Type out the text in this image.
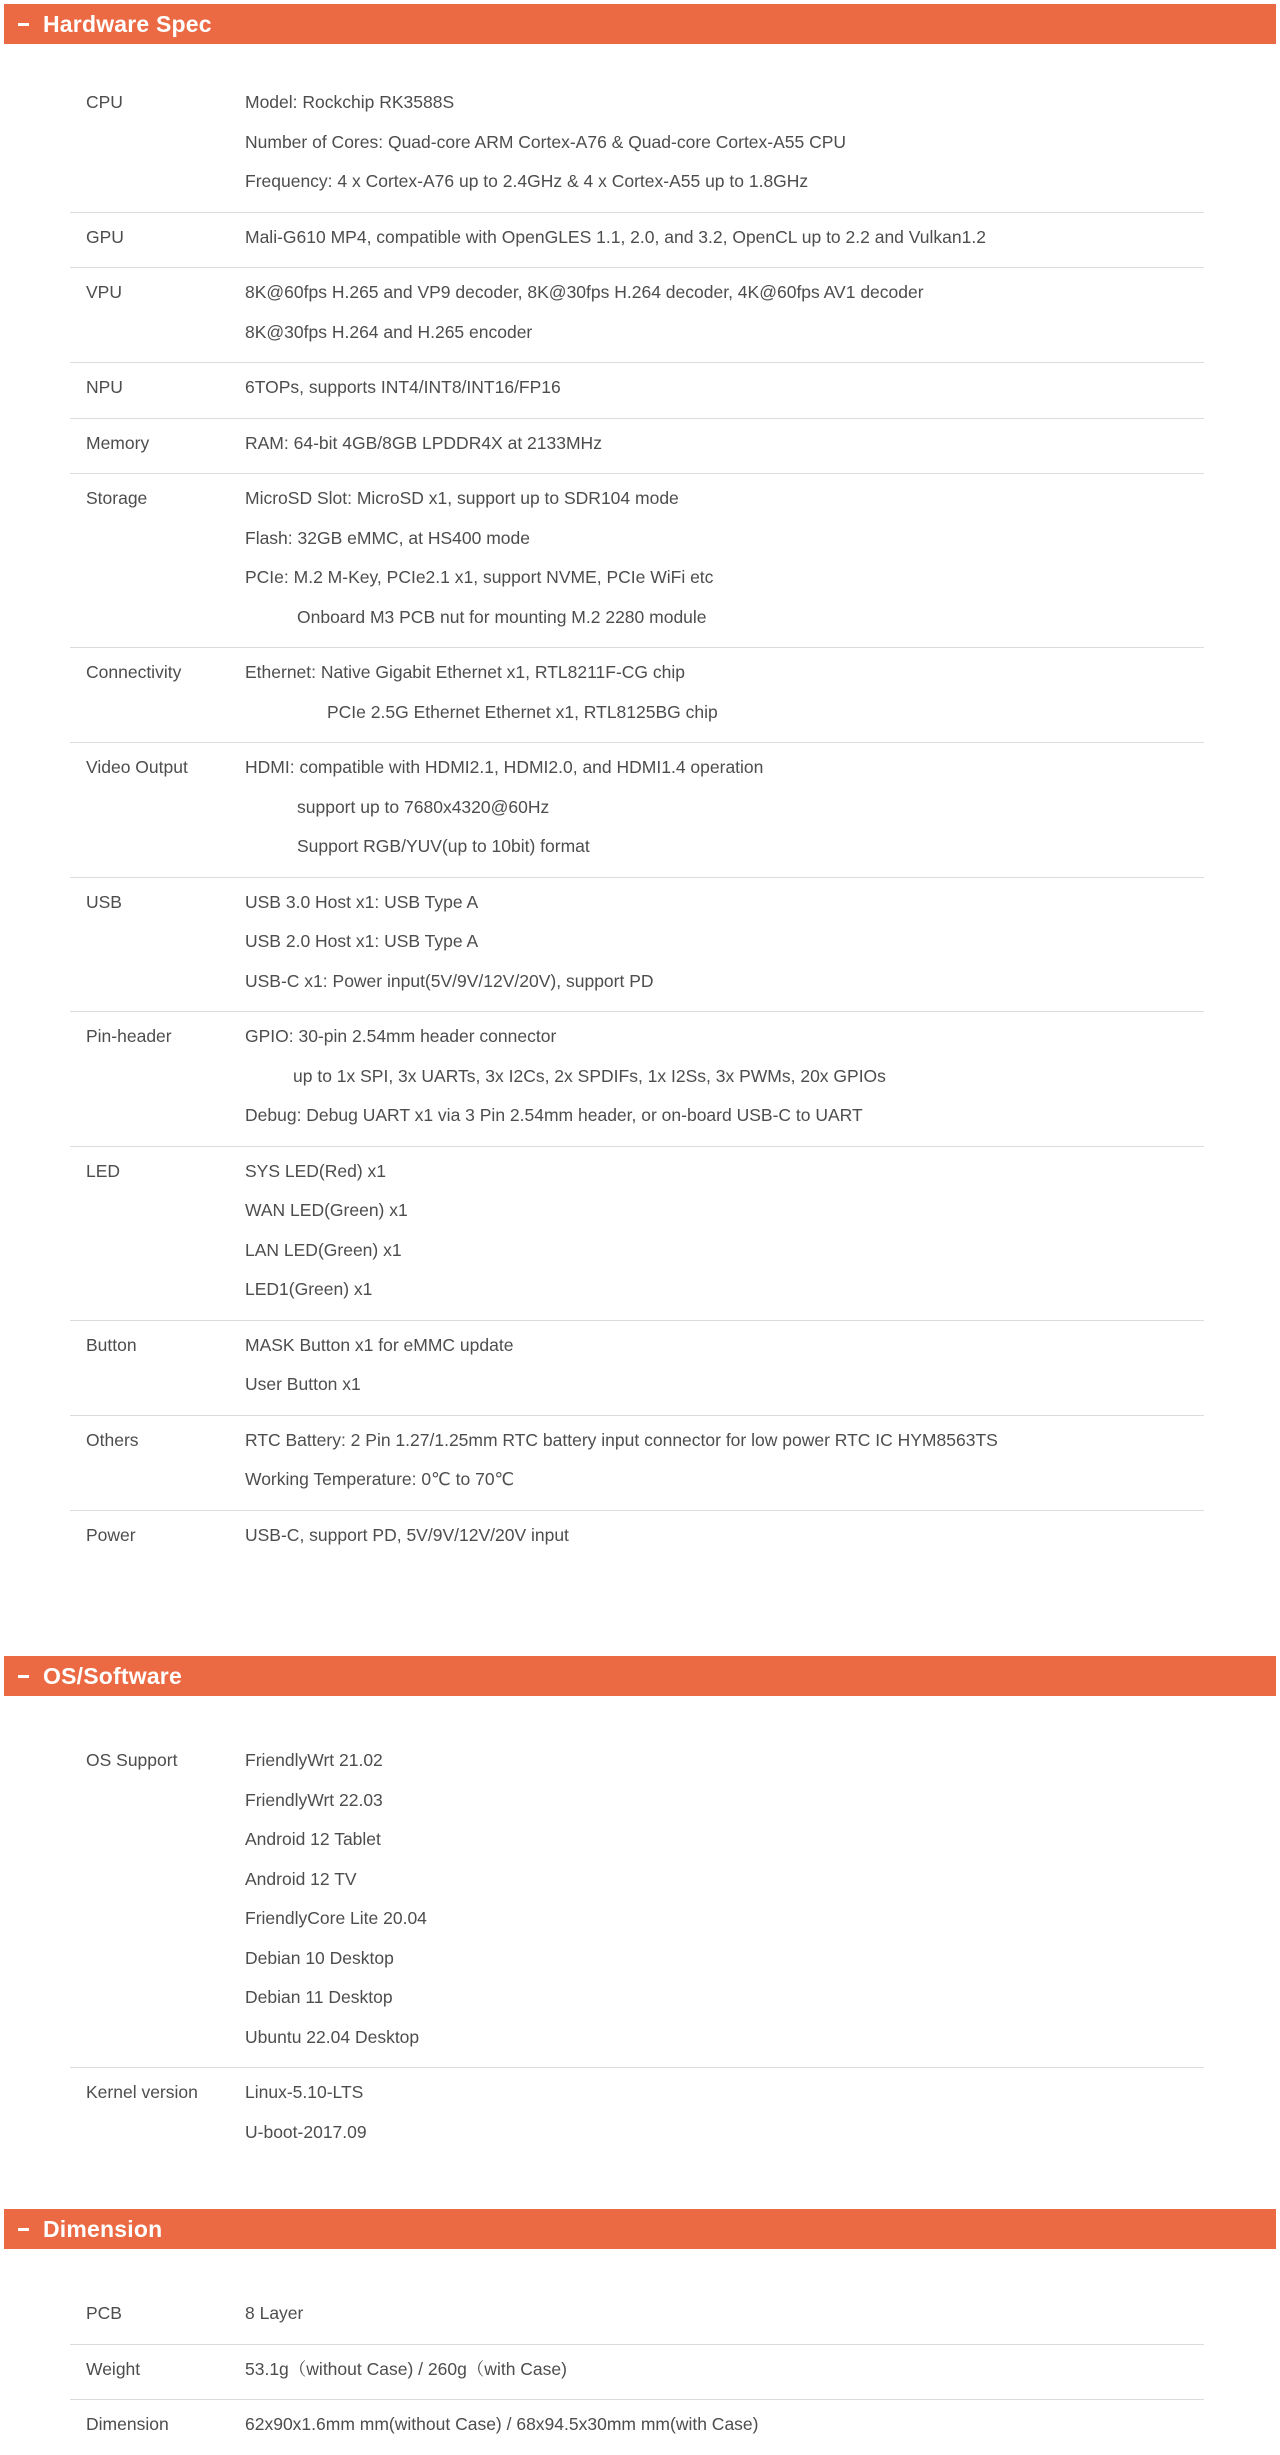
Hardware Spec
CPU	Model: Rockchip RK3588S
Number of Cores: Quad-core ARM Cortex-A76 & Quad-core Cortex-A55 CPU
Frequency: 4 x Cortex-A76 up to 2.4GHz & 4 x Cortex-A55 up to 1.8GHz
GPU	Mali-G610 MP4, compatible with OpenGLES 1.1, 2.0, and 3.2, OpenCL up to 2.2 and Vulkan1.2
VPU	8K@60fps H.265 and VP9 decoder, 8K@30fps H.264 decoder, 4K@60fps AV1 decoder
8K@30fps H.264 and H.265 encoder
NPU	6TOPs, supports INT4/INT8/INT16/FP16
Memory	RAM: 64-bit 4GB/8GB LPDDR4X at 2133MHz
Storage	MicroSD Slot: MicroSD x1, support up to SDR104 mode
Flash: 32GB eMMC, at HS400 mode
PCIe: M.2 M-Key, PCIe2.1 x1, support NVME, PCIe WiFi etc
Onboard M3 PCB nut for mounting M.2 2280 module
Connectivity	Ethernet: Native Gigabit Ethernet x1, RTL8211F-CG chip
PCIe 2.5G Ethernet Ethernet x1, RTL8125BG chip
Video Output	HDMI: compatible with HDMI2.1, HDMI2.0, and HDMI1.4 operation
support up to 7680x4320@60Hz
Support RGB/YUV(up to 10bit) format
USB	USB 3.0 Host x1: USB Type A
USB 2.0 Host x1: USB Type A
USB-C x1: Power input(5V/9V/12V/20V), support PD
Pin-header	GPIO: 30-pin 2.54mm header connector
up to 1x SPI, 3x UARTs, 3x I2Cs, 2x SPDIFs, 1x I2Ss, 3x PWMs, 20x GPIOs
Debug: Debug UART x1 via 3 Pin 2.54mm header, or on-board USB-C to UART
LED	SYS LED(Red) x1
WAN LED(Green) x1
LAN LED(Green) x1
LED1(Green) x1
Button	MASK Button x1 for eMMC update
User Button x1
Others	RTC Battery: 2 Pin 1.27/1.25mm RTC battery input connector for low power RTC IC HYM8563TS
Working Temperature: 0℃ to 70℃
Power	USB-C, support PD, 5V/9V/12V/20V input
OS/Software
OS Support	FriendlyWrt 21.02
FriendlyWrt 22.03
Android 12 Tablet
Android 12 TV
FriendlyCore Lite 20.04
Debian 10 Desktop
Debian 11 Desktop
Ubuntu 22.04 Desktop
Kernel version	Linux-5.10-LTS
U-boot-2017.09
Dimension
PCB	8 Layer
Weight	53.1g（without Case) / 260g（with Case)
Dimension	62x90x1.6mm mm(without Case) / 68x94.5x30mm mm(with Case)
